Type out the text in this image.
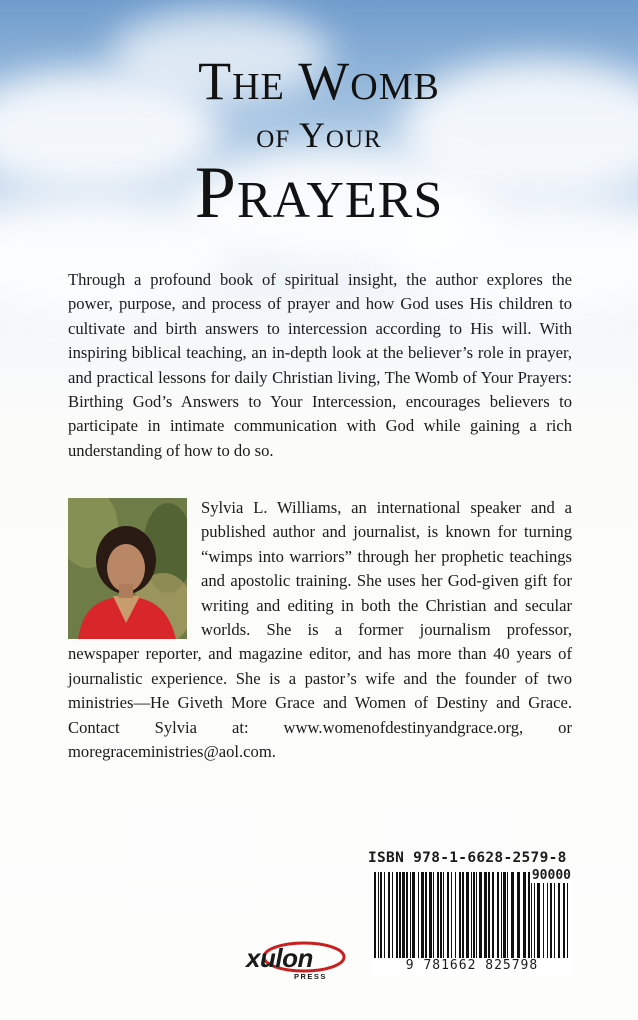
The Womb
of Your
Prayers
Through a profound book of spiritual insight, the author explores the power, purpose, and process of prayer and how God uses His children to cultivate and birth answers to intercession according to His will. With inspiring biblical teaching, an in-depth look at the believer’s role in prayer, and practical lessons for daily Christian living, The Womb of Your Prayers: Birthing God’s Answers to Your Intercession, encourages believers to participate in intimate communication with God while gaining a rich understanding of how to do so.
Sylvia L. Williams, an international speaker and a published author and journalist, is known for turning “wimps into warriors” through her prophetic teachings and apostolic training. She uses her God-given gift for writing and editing in both the Christian and secular worlds. She is a former journalism professor, newspaper reporter, and magazine editor, and has more than 40 years of journalistic experience. She is a pastor’s wife and the founder of two ministries—He Giveth More Grace and Women of Destiny and Grace. Contact Sylvia at: www.womenofdestinyandgrace.org, or moregraceministries@aol.com.
ISBN 978-1-6628-2579-8
90000
9 781662 825798
xulon
PRESS
